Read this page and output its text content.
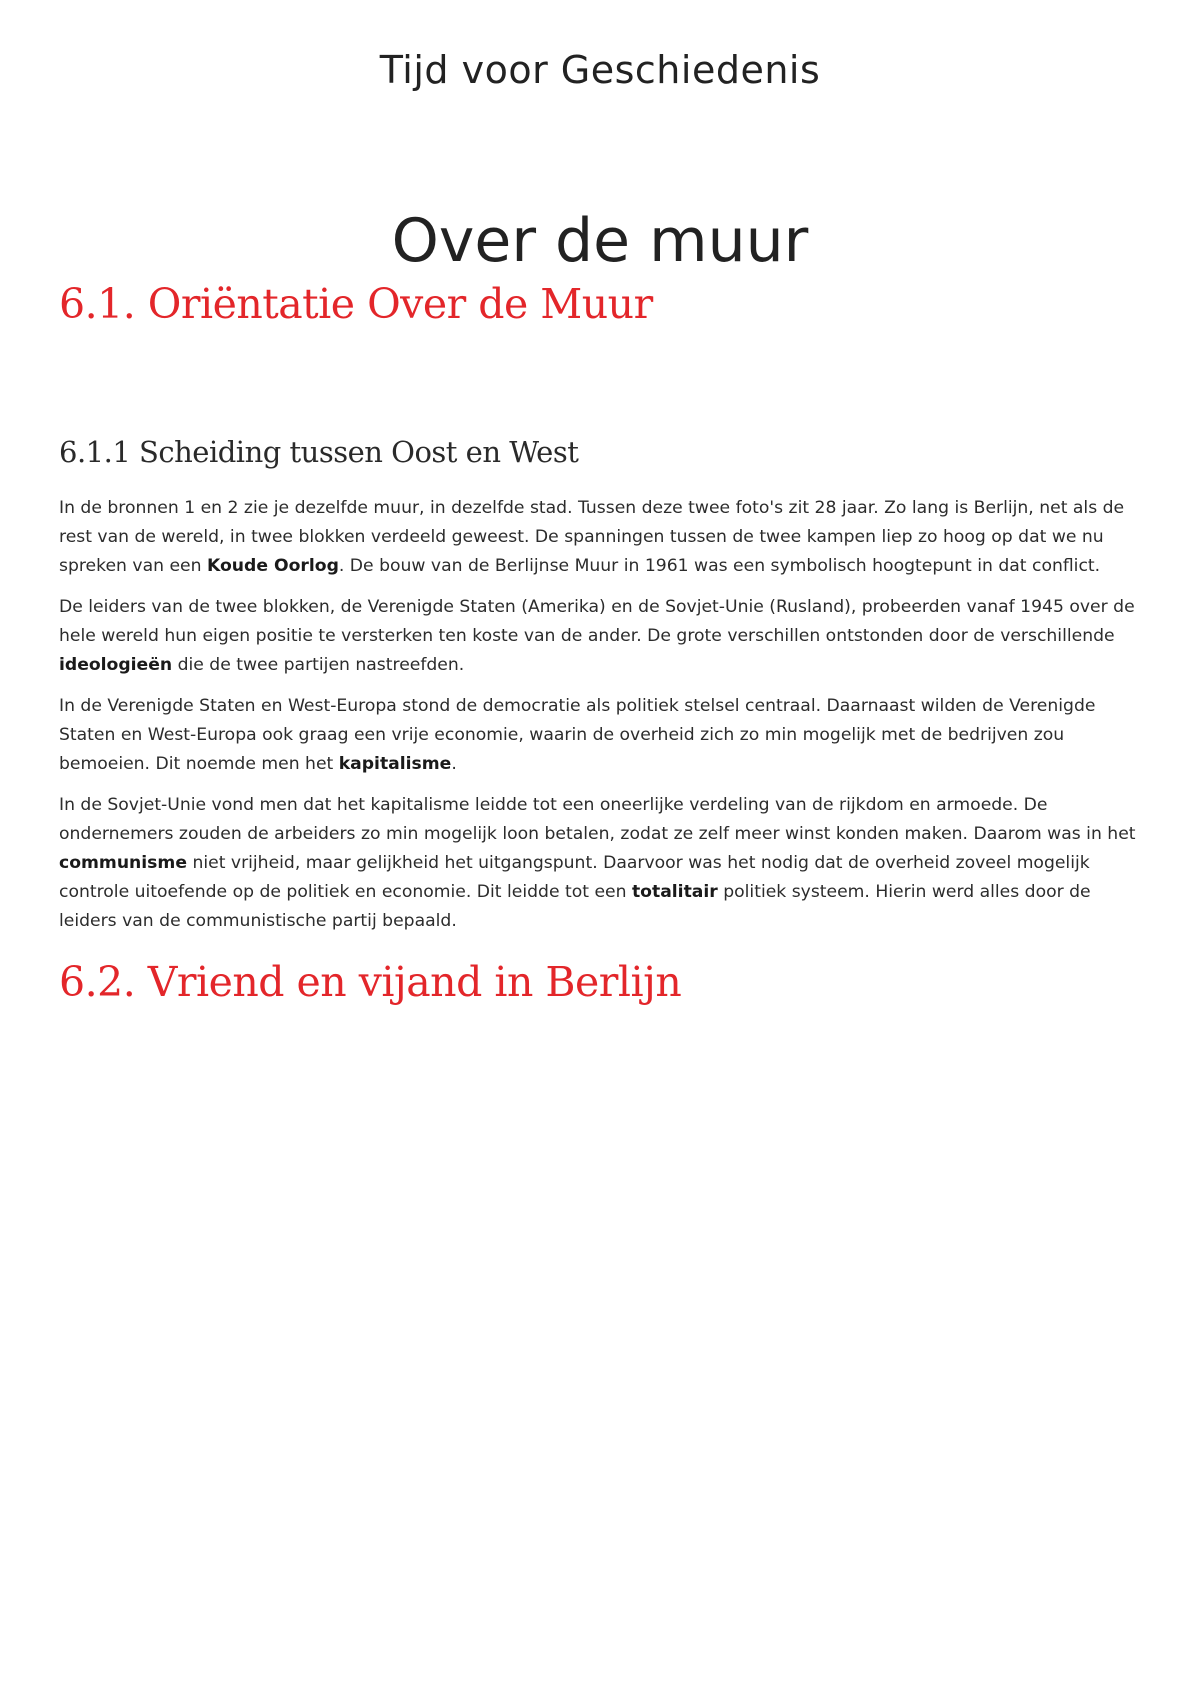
Tijd voor Geschiedenis
Over de muur
6.1. Oriëntatie Over de Muur
6.1.1 Scheiding tussen Oost en West

In de bronnen 1 en 2 zie je dezelfde muur, in dezelfde stad. Tussen deze twee foto's zit 28 jaar. Zo lang is Berlijn, net als de rest van de wereld, in twee blokken verdeeld geweest. De spanningen tussen de twee kampen liep zo hoog op dat we nu spreken van een Koude Oorlog. De bouw van de Berlijnse Muur in 1961 was een symbolisch hoogtepunt in dat conflict.

De leiders van de twee blokken, de Verenigde Staten (Amerika) en de Sovjet-Unie (Rusland), probeerden vanaf 1945 over de hele wereld hun eigen positie te versterken ten koste van de ander. De grote verschillen ontstonden door de verschillende ideologieën die de twee partijen nastreefden.

In de Verenigde Staten en West-Europa stond de democratie als politiek stelsel centraal. Daarnaast wilden de Verenigde Staten en West-Europa ook graag een vrije economie, waarin de overheid zich zo min mogelijk met de bedrijven zou bemoeien. Dit noemde men het kapitalisme.

In de Sovjet-Unie vond men dat het kapitalisme leidde tot een oneerlijke verdeling van de rijkdom en armoede. De ondernemers zouden de arbeiders zo min mogelijk loon betalen, zodat ze zelf meer winst konden maken. Daarom was in het communisme niet vrijheid, maar gelijkheid het uitgangspunt. Daarvoor was het nodig dat de overheid zoveel mogelijk controle uitoefende op de politiek en economie. Dit leidde tot een totalitair politiek systeem. Hierin werd alles door de leiders van de communistische partij bepaald.

6.2. Vriend en vijand in Berlijn
